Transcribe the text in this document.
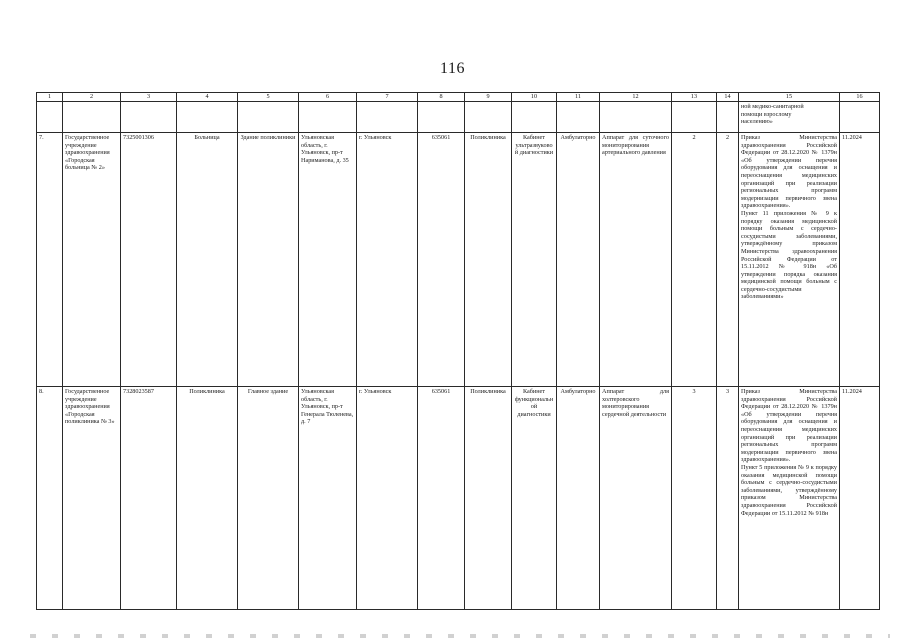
116
1	2	3	4	5	6	7	8	9	10	11	12	13	14	15	16
														ной медико-санитарной
помощи взрослому
населению»	
7.	Государственное учреждение здравоохранения «Городская больница № 2»	7325001306	Больница	Здание поликлиники	Ульяновская область, г. Ульяновск, пр-т Нариманова, д. 35	г. Ульяновск	635061	Поликлиника	Кабинет ультразвуковой диагностики	Амбулаторно	Аппарат для суточного мониторирования артериального давления	2	2	Приказ Министерства здравоохранения Российской Федерации от 28.12.2020 № 1379н «Об утверждении перечня оборудования для оснащения и переоснащения медицинских организаций при реализации региональных программ модернизации первичного звена здравоохранения».
Пункт 11 приложения № 9 к порядку оказания медицинской помощи больным с сердечно-сосудистыми заболеваниями, утверждённому приказом Министерства здравоохранения Российской Федерации от 15.11.2012 № 918н «Об утверждении порядка оказания медицинской помощи больным с сердечно-сосудистыми заболеваниями»	11.2024
8.	Государственное учреждение здравоохранения «Городская поликлиника № 3»	7328023587	Поликлиника	Главное здание	Ульяновская область, г. Ульяновск, пр-т Генерала Тюленева, д. 7	г. Ульяновск	635061	Поликлиника	Кабинет функциональной диагностики	Амбулаторно	Аппарат для холтеровского мониторирования сердечной деятельности	3	3	Приказ Министерства здравоохранения Российской Федерации от 28.12.2020 № 1379н «Об утверждении перечня оборудования для оснащения и переоснащения медицинских организаций при реализации региональных программ модернизации первичного звена здравоохранения».
Пункт 5 приложения № 9 к порядку оказания медицинской помощи больным с сердечно-сосудистыми заболеваниями, утверждённому приказом Министерства здравоохранения Российской Федерации от 15.11.2012 № 918н	11.2024
